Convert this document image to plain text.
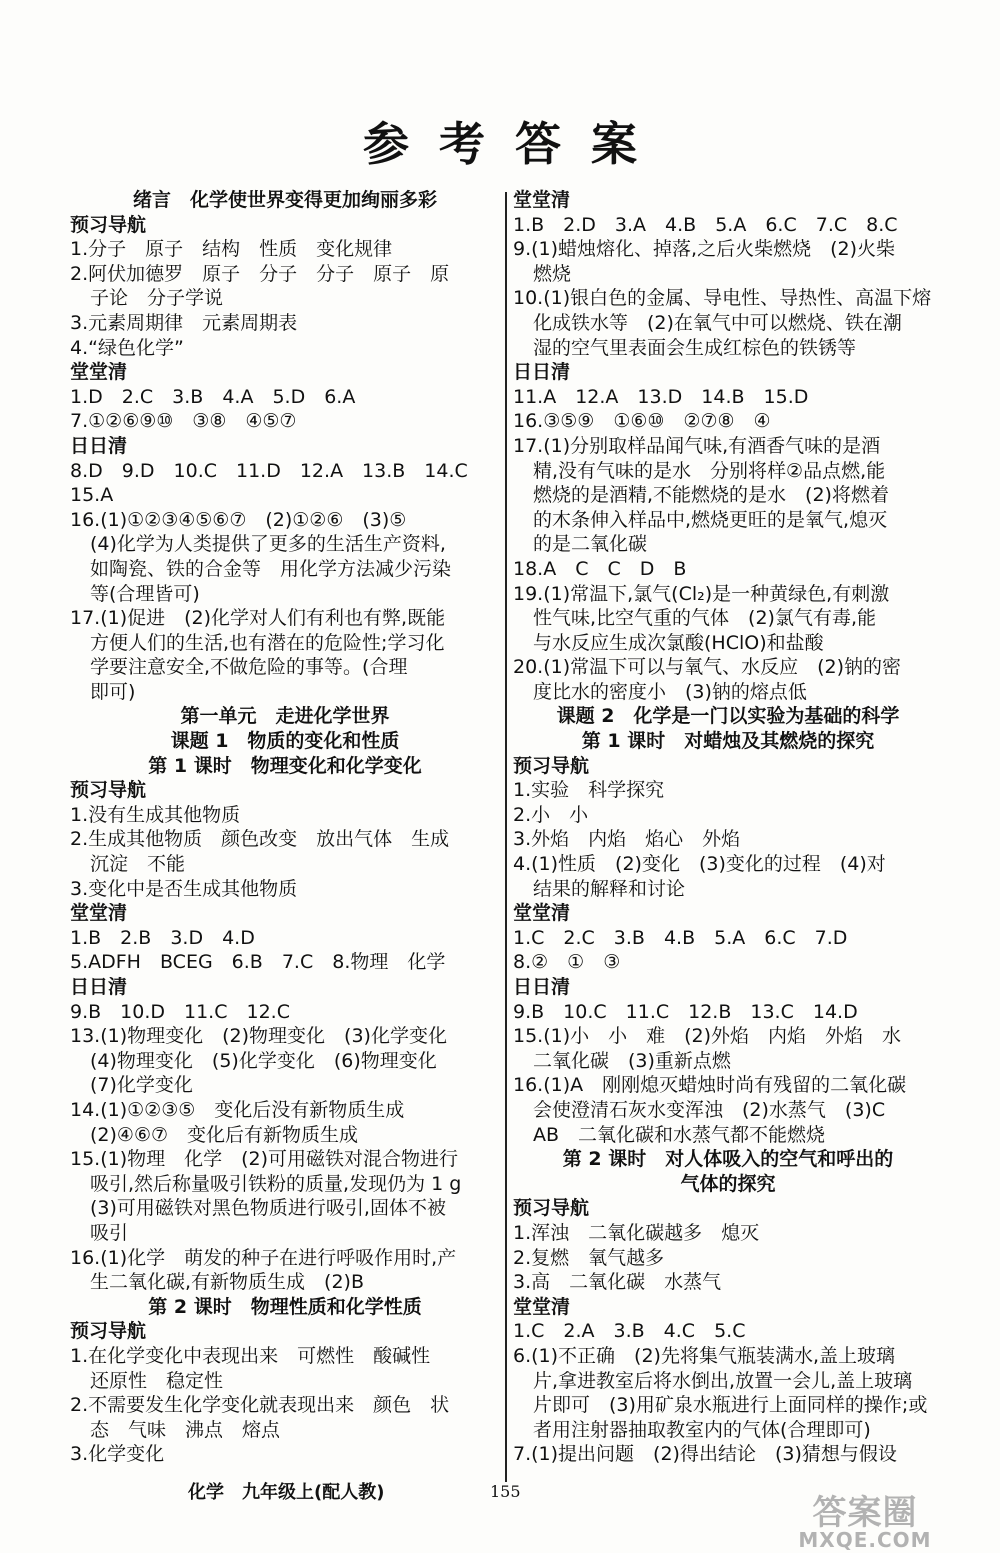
参考答案
绪言　化学使世界变得更加绚丽多彩
预习导航
1.分子　原子　结构　性质　变化规律
2.阿伏加德罗　原子　分子　分子　原子　原
子论　分子学说
3.元素周期律　元素周期表
4.“绿色化学”
堂堂清
1.D　2.C　3.B　4.A　5.D　6.A
7.①②⑥⑨⑩　③⑧　④⑤⑦
日日清
8.D　9.D　10.C　11.D　12.A　13.B　14.C
15.A
16.(1)①②③④⑤⑥⑦　(2)①②⑥　(3)⑤
(4)化学为人类提供了更多的生活生产资料,
如陶瓷、铁的合金等　用化学方法减少污染
等(合理皆可)
17.(1)促进　(2)化学对人们有利也有弊,既能
方便人们的生活,也有潜在的危险性;学习化
学要注意安全,不做危险的事等。(合理
即可)
第一单元　走进化学世界
课题 1　物质的变化和性质
第 1 课时　物理变化和化学变化
预习导航
1.没有生成其他物质
2.生成其他物质　颜色改变　放出气体　生成
沉淀　不能
3.变化中是否生成其他物质
堂堂清
1.B　2.B　3.D　4.D
5.ADFH　BCEG　6.B　7.C　8.物理　化学
日日清
9.B　10.D　11.C　12.C
13.(1)物理变化　(2)物理变化　(3)化学变化
(4)物理变化　(5)化学变化　(6)物理变化
(7)化学变化
14.(1)①②③⑤　变化后没有新物质生成
(2)④⑥⑦　变化后有新物质生成
15.(1)物理　化学　(2)可用磁铁对混合物进行
吸引,然后称量吸引铁粉的质量,发现仍为 1 g
(3)可用磁铁对黑色物质进行吸引,固体不被
吸引
16.(1)化学　萌发的种子在进行呼吸作用时,产
生二氧化碳,有新物质生成　(2)B
第 2 课时　物理性质和化学性质
预习导航
1.在化学变化中表现出来　可燃性　酸碱性
还原性　稳定性
2.不需要发生化学变化就表现出来　颜色　状
态　气味　沸点　熔点
3.化学变化
堂堂清
1.B　2.D　3.A　4.B　5.A　6.C　7.C　8.C
9.(1)蜡烛熔化、掉落,之后火柴燃烧　(2)火柴
燃烧
10.(1)银白色的金属、导电性、导热性、高温下熔
化成铁水等　(2)在氧气中可以燃烧、铁在潮
湿的空气里表面会生成红棕色的铁锈等
日日清
11.A　12.A　13.D　14.B　15.D
16.③⑤⑨　①⑥⑩　②⑦⑧　④
17.(1)分别取样品闻气味,有酒香气味的是酒
精,没有气味的是水　分别将样②品点燃,能
燃烧的是酒精,不能燃烧的是水　(2)将燃着
的木条伸入样品中,燃烧更旺的是氧气,熄灭
的是二氧化碳
18.A　C　C　D　B
19.(1)常温下,氯气(Cl₂)是一种黄绿色,有刺激
性气味,比空气重的气体　(2)氯气有毒,能
与水反应生成次氯酸(HClO)和盐酸
20.(1)常温下可以与氧气、水反应　(2)钠的密
度比水的密度小　(3)钠的熔点低
课题 2　化学是一门以实验为基础的科学
第 1 课时　对蜡烛及其燃烧的探究
预习导航
1.实验　科学探究
2.小　小
3.外焰　内焰　焰心　外焰
4.(1)性质　(2)变化　(3)变化的过程　(4)对
结果的解释和讨论
堂堂清
1.C　2.C　3.B　4.B　5.A　6.C　7.D
8.②　①　③
日日清
9.B　10.C　11.C　12.B　13.C　14.D
15.(1)小　小　难　(2)外焰　内焰　外焰　水
二氧化碳　(3)重新点燃
16.(1)A　刚刚熄灭蜡烛时尚有残留的二氧化碳
会使澄清石灰水变浑浊　(2)水蒸气　(3)C
AB　二氧化碳和水蒸气都不能燃烧
第 2 课时　对人体吸入的空气和呼出的
气体的探究
预习导航
1.浑浊　二氧化碳越多　熄灭
2.复燃　氧气越多
3.高　二氧化碳　水蒸气
堂堂清
1.C　2.A　3.B　4.C　5.C
6.(1)不正确　(2)先将集气瓶装满水,盖上玻璃
片,拿进教室后将水倒出,放置一会儿,盖上玻璃
片即可　(3)用矿泉水瓶进行上面同样的操作;或
者用注射器抽取教室内的气体(合理即可)
7.(1)提出问题　(2)得出结论　(3)猜想与假设
化学　九年级上(配人教)	155
答案圈
MXQE.COM
